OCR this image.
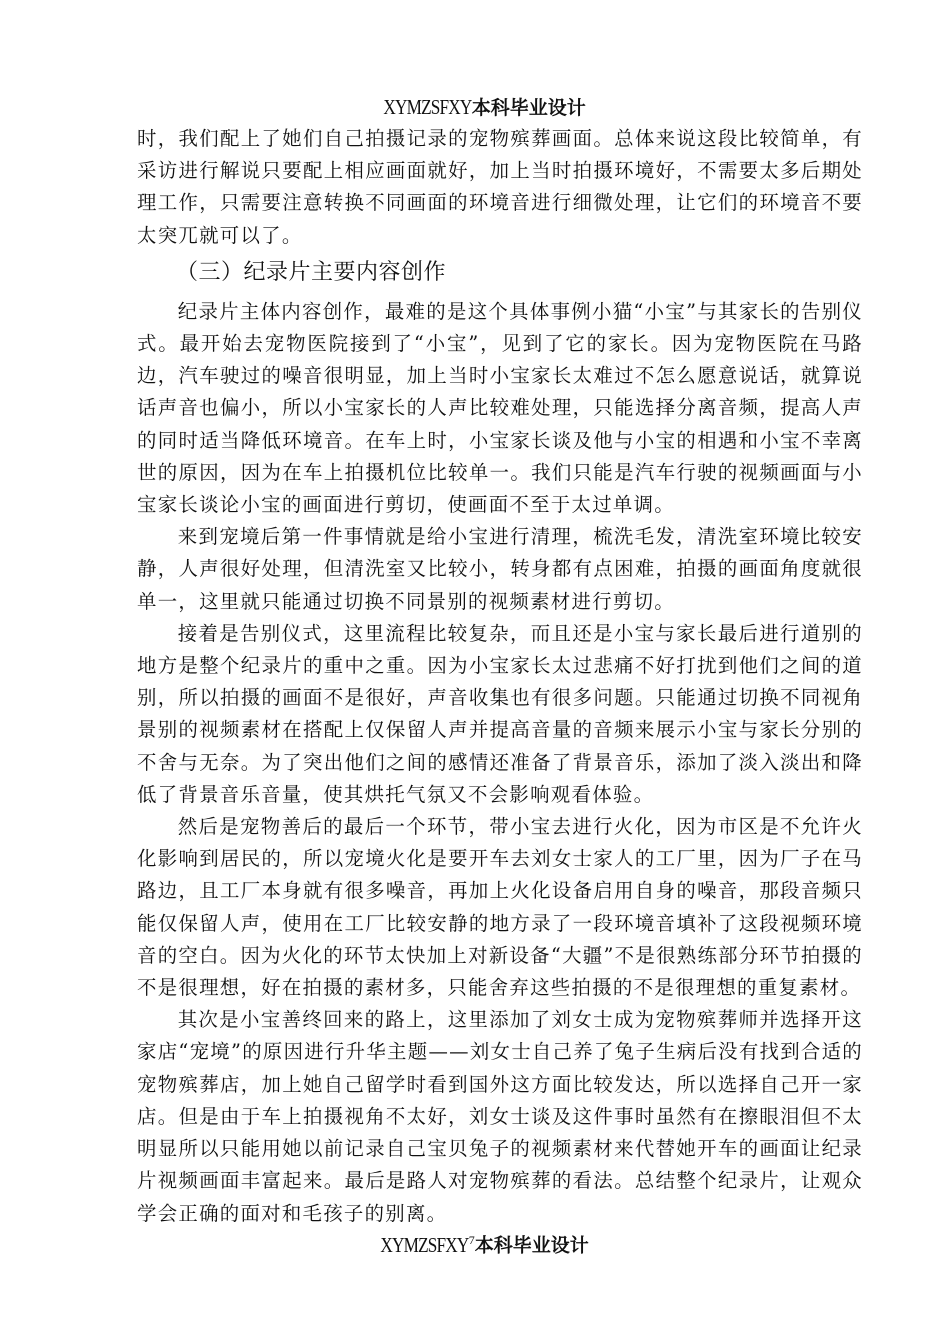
XYMZSFXY本科毕业设计

时，我们配上了她们自己拍摄记录的宠物殡葬画面。总体来说这段比较简单，有采访进行解说只要配上相应画面就好，加上当时拍摄环境好，不需要太多后期处理工作，只需要注意转换不同画面的环境音进行细微处理，让它们的环境音不要太突兀就可以了。

（三）纪录片主要内容创作

纪录片主体内容创作，最难的是这个具体事例小猫“小宝”与其家长的告别仪式。最开始去宠物医院接到了“小宝”，见到了它的家长。因为宠物医院在马路边，汽车驶过的噪音很明显，加上当时小宝家长太难过不怎么愿意说话，就算说话声音也偏小，所以小宝家长的人声比较难处理，只能选择分离音频，提高人声的同时适当降低环境音。在车上时，小宝家长谈及他与小宝的相遇和小宝不幸离世的原因，因为在车上拍摄机位比较单一。我们只能是汽车行驶的视频画面与小宝家长谈论小宝的画面进行剪切，使画面不至于太过单调。

来到宠境后第一件事情就是给小宝进行清理，梳洗毛发，清洗室环境比较安静，人声很好处理，但清洗室又比较小，转身都有点困难，拍摄的画面角度就很单一，这里就只能通过切换不同景别的视频素材进行剪切。

接着是告别仪式，这里流程比较复杂，而且还是小宝与家长最后进行道别的地方是整个纪录片的重中之重。因为小宝家长太过悲痛不好打扰到他们之间的道别，所以拍摄的画面不是很好，声音收集也有很多问题。只能通过切换不同视角景别的视频素材在搭配上仅保留人声并提高音量的音频来展示小宝与家长分别的不舍与无奈。为了突出他们之间的感情还准备了背景音乐，添加了淡入淡出和降低了背景音乐音量，使其烘托气氛又不会影响观看体验。

然后是宠物善后的最后一个环节，带小宝去进行火化，因为市区是不允许火化影响到居民的，所以宠境火化是要开车去刘女士家人的工厂里，因为厂子在马路边，且工厂本身就有很多噪音，再加上火化设备启用自身的噪音，那段音频只能仅保留人声，使用在工厂比较安静的地方录了一段环境音填补了这段视频环境音的空白。因为火化的环节太快加上对新设备“大疆”不是很熟练部分环节拍摄的不是很理想，好在拍摄的素材多，只能舍弃这些拍摄的不是很理想的重复素材。

其次是小宝善终回来的路上，这里添加了刘女士成为宠物殡葬师并选择开这家店“宠境”的原因进行升华主题——刘女士自己养了兔子生病后没有找到合适的宠物殡葬店，加上她自己留学时看到国外这方面比较发达，所以选择自己开一家店。但是由于车上拍摄视角不太好，刘女士谈及这件事时虽然有在擦眼泪但不太明显所以只能用她以前记录自己宝贝兔子的视频素材来代替她开车的画面让纪录片视频画面丰富起来。最后是路人对宠物殡葬的看法。总结整个纪录片，让观众学会正确的面对和毛孩子的别离。

XYMZSFXY$^7$本科毕业设计
